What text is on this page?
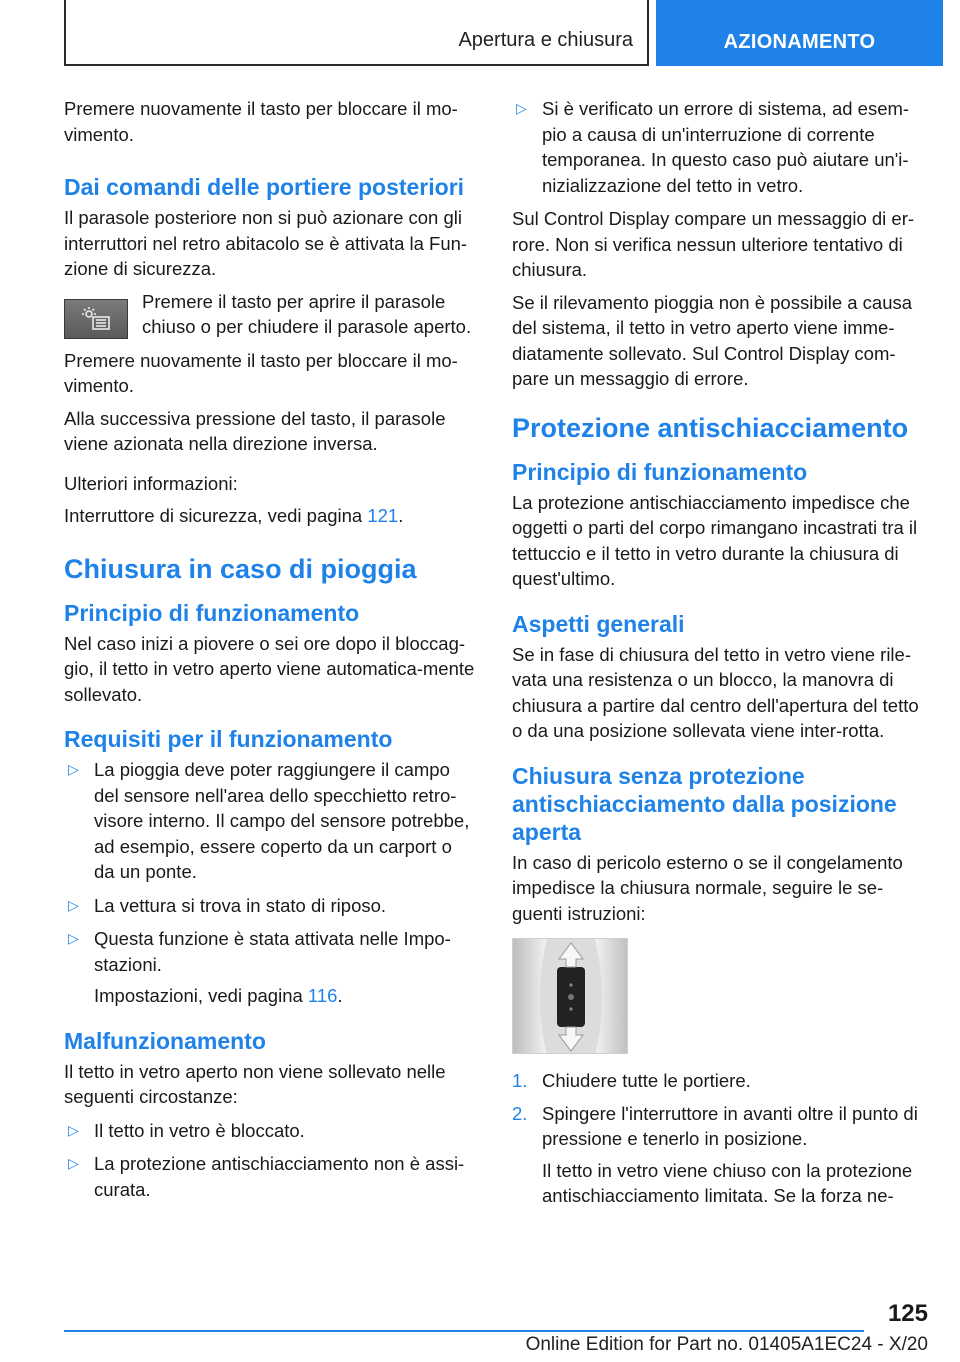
Apertura e chiusura	AZIONAMENTO

Premere nuovamente il tasto per bloccare il mo-vimento.

Dai comandi delle portiere posteriori

Il parasole posteriore non si può azionare con gli interruttori nel retro abitacolo se è attivata la Fun-zione di sicurezza.

Premere il tasto per aprire il parasole chiuso o per chiudere il parasole aperto.

Premere nuovamente il tasto per bloccare il mo-vimento.

Alla successiva pressione del tasto, il parasole viene azionata nella direzione inversa.

Ulteriori informazioni:

Interruttore di sicurezza, vedi pagina 121.

Chiusura in caso di pioggia
Principio di funzionamento

Nel caso inizi a piovere o sei ore dopo il bloccag-gio, il tetto in vetro aperto viene automatica-mente sollevato.

Requisiti per il funzionamento
▷ La pioggia deve poter raggiungere il campo del sensore nell'area dello specchietto retro-visore interno. Il campo del sensore potrebbe, ad esempio, essere coperto da un carport o da un ponte.
▷ La vettura si trova in stato di riposo.
▷ Questa funzione è stata attivata nelle Impo-stazioni.
Impostazioni, vedi pagina 116.
Malfunzionamento

Il tetto in vetro aperto non viene sollevato nelle seguenti circostanze:

▷ Il tetto in vetro è bloccato.
▷ La protezione antischiacciamento non è assi-curata.
▷ Si è verificato un errore di sistema, ad esem-pio a causa di un'interruzione di corrente temporanea. In questo caso può aiutare un'i-nizializzazione del tetto in vetro.

Sul Control Display compare un messaggio di er-rore. Non si verifica nessun ulteriore tentativo di chiusura.

Se il rilevamento pioggia non è possibile a causa del sistema, il tetto in vetro aperto viene imme-diatamente sollevato. Sul Control Display com-pare un messaggio di errore.

Protezione antischiacciamento
Principio di funzionamento

La protezione antischiacciamento impedisce che oggetti o parti del corpo rimangano incastrati tra il tettuccio e il tetto in vetro durante la chiusura di quest'ultimo.

Aspetti generali

Se in fase di chiusura del tetto in vetro viene rile-vata una resistenza o un blocco, la manovra di chiusura a partire dal centro dell'apertura del tetto o da una posizione sollevata viene inter-rotta.

Chiusura senza protezione antischiacciamento dalla posizione aperta

In caso di pericolo esterno o se il congelamento impedisce la chiusura normale, seguire le se-guenti istruzioni:

1. Chiudere tutte le portiere.
2. Spingere l'interruttore in avanti oltre il punto di pressione e tenerlo in posizione.
Il tetto in vetro viene chiuso con la protezione antischiacciamento limitata. Se la forza ne-
125
Online Edition for Part no. 01405A1EC24 - X/20
